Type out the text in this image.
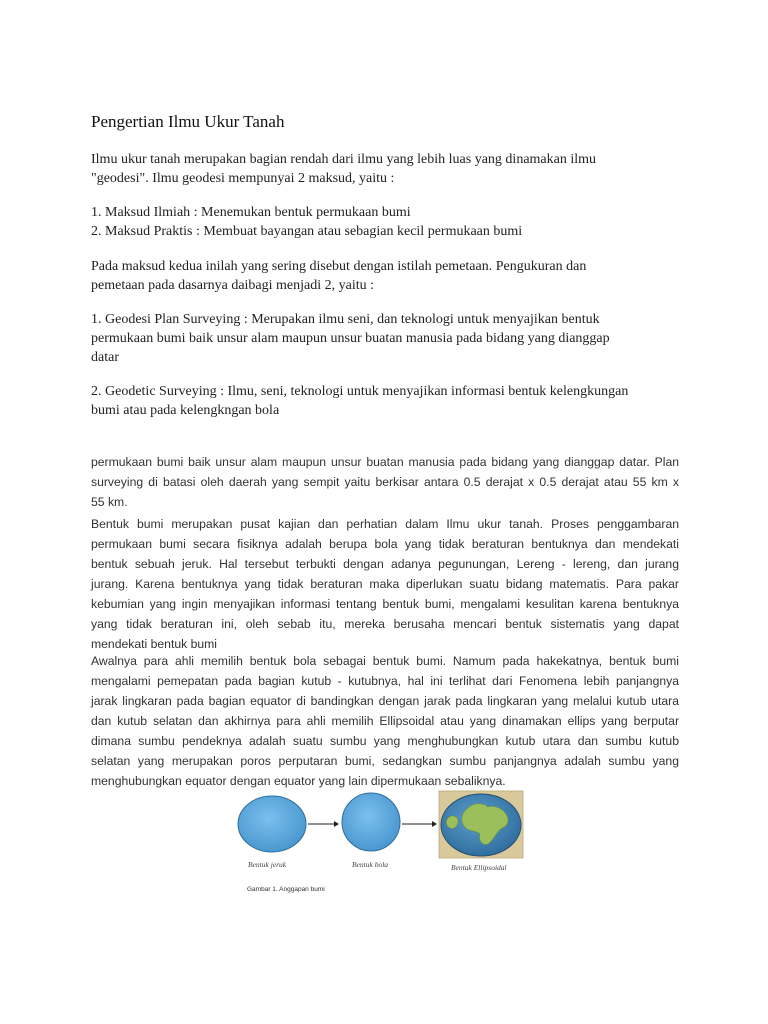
Pengertian Ilmu Ukur Tanah
Ilmu ukur tanah merupakan bagian rendah dari ilmu yang lebih luas yang dinamakan ilmu
"geodesi". Ilmu geodesi mempunyai 2 maksud, yaitu :
1. Maksud Ilmiah : Menemukan bentuk permukaan bumi
2. Maksud Praktis : Membuat bayangan atau sebagian kecil permukaan bumi
Pada maksud kedua inilah yang sering disebut dengan istilah pemetaan. Pengukuran dan
pemetaan pada dasarnya daibagi menjadi 2, yaitu :
1. Geodesi Plan Surveying : Merupakan ilmu seni, dan teknologi untuk menyajikan bentuk
permukaan bumi baik unsur alam maupun unsur buatan manusia pada bidang yang dianggap
datar
2. Geodetic Surveying : Ilmu, seni, teknologi untuk menyajikan informasi bentuk kelengkungan
bumi atau pada kelengkngan bola
permukaan bumi baik unsur alam maupun unsur buatan manusia pada bidang yang dianggap datar. Plan
surveying di batasi oleh daerah yang sempit yaitu berkisar antara 0.5 derajat x 0.5 derajat atau 55 km x
55 km.
Bentuk bumi merupakan pusat kajian dan perhatian dalam Ilmu ukur tanah. Proses penggambaran
permukaan bumi secara fisiknya adalah berupa bola yang tidak beraturan bentuknya dan mendekati
bentuk sebuah jeruk. Hal tersebut terbukti dengan adanya pegunungan, Lereng - lereng, dan jurang
jurang. Karena bentuknya yang tidak beraturan maka diperlukan suatu bidang matematis. Para pakar
kebumian yang ingin menyajikan informasi tentang bentuk bumi, mengalami kesulitan karena bentuknya
yang tidak beraturan ini, oleh sebab itu, mereka berusaha mencari bentuk sistematis yang dapat
mendekati bentuk bumi
Awalnya para ahli memilih bentuk bola sebagai bentuk bumi. Namum pada hakekatnya, bentuk bumi
mengalami pemepatan pada bagian kutub - kutubnya, hal ini terlihat dari Fenomena lebih panjangnya
jarak lingkaran pada bagian equator di bandingkan dengan jarak pada lingkaran yang melalui kutub utara
dan kutub selatan dan akhirnya para ahli memilih Ellipsoidal atau yang dinamakan ellips yang berputar
dimana sumbu pendeknya adalah suatu sumbu yang menghubungkan kutub utara dan sumbu kutub
selatan yang merupakan poros perputaran bumi, sedangkan sumbu panjangnya adalah sumbu yang
menghubungkan equator dengan equator yang lain dipermukaan sebaliknya.
Bentuk jeruk	Bentuk bola	Bentuk Ellipsoidal

Gambar 1. Anggapan bumi
